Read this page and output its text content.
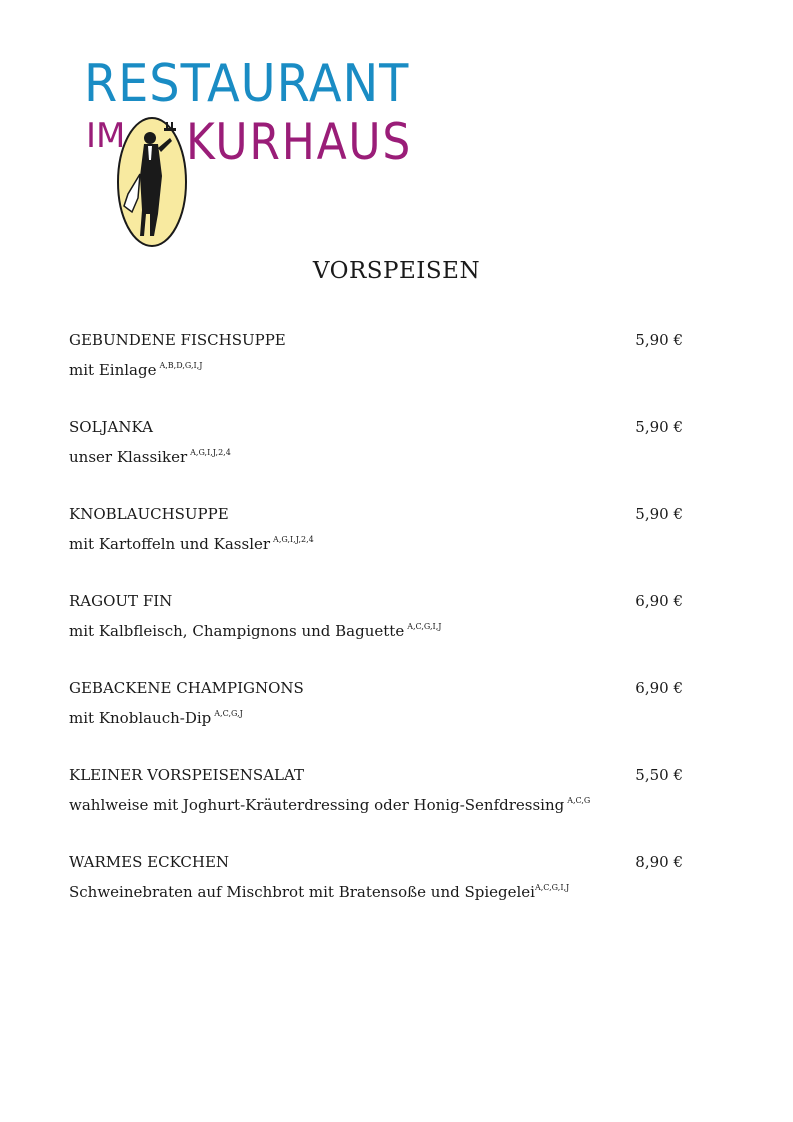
RESTAURANT
IM KURHAUS
VORSPEISEN
GEBUNDENE FISCHSUPPE	5,90 €
mit Einlage $^{A,B,D,G,I,J}$
SOLJANKA	5,90 €
unser Klassiker $^{A,G,I,J,2,4}$
KNOBLAUCHSUPPE	5,90 €
mit Kartoffeln und Kassler $^{A,G,I,J,2,4}$
RAGOUT FIN	6,90 €
mit Kalbfleisch, Champignons und Baguette $^{A,C,G,I,J}$
GEBACKENE CHAMPIGNONS	6,90 €
mit Knoblauch-Dip $^{A,C,G,J}$
KLEINER VORSPEISENSALAT	5,50 €
wahlweise mit Joghurt-Kräuterdressing oder Honig-Senfdressing $^{A,C,G}$
WARMES ECKCHEN	8,90 €
Schweinebraten auf Mischbrot mit Bratensoße und Spiegelei$^{A,C,G,I,J}$
